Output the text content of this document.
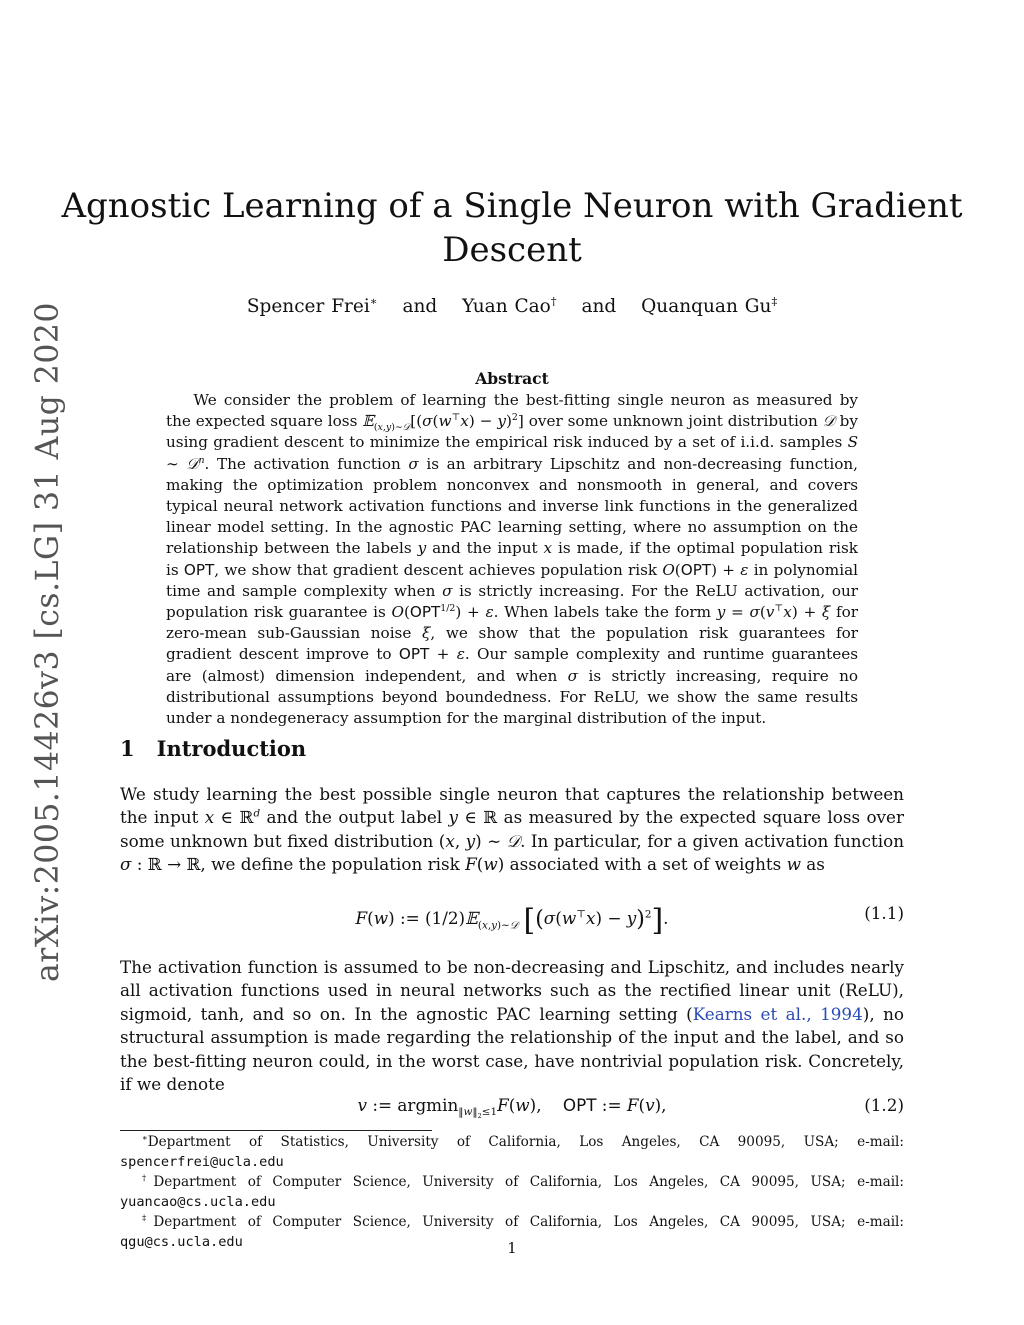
arXiv:2005.14426v3 [cs.LG] 31 Aug 2020
Agnostic Learning of a Single Neuron with Gradient
Descent
Spencer Frei∗ and Yuan Cao† and Quanquan Gu‡
Abstract

We consider the problem of learning the best-fitting single neuron as measured by the expected square loss 𝔼$_{(x,y)\sim 𝒟}$[(σ(w⊤x) − y)$^2$] over some unknown joint distribution 𝒟 by using gradient descent to minimize the empirical risk induced by a set of i.i.d. samples S ∼ 𝒟$^n$. The activation function σ is an arbitrary Lipschitz and non-decreasing function, making the optimization problem nonconvex and nonsmooth in general, and covers typical neural network activation functions and inverse link functions in the generalized linear model setting. In the agnostic PAC learning setting, where no assumption on the relationship between the labels y and the input x is made, if the optimal population risk is OPT, we show that gradient descent achieves population risk O(OPT) + ε in polynomial time and sample complexity when σ is strictly increasing. For the ReLU activation, our population risk guarantee is $O(OPT^{1/2}) + \varepsilon$. When labels take the form y = σ(v⊤x) + ξ for zero-mean sub-Gaussian noise ξ, we show that the population risk guarantees for gradient descent improve to OPT + ε. Our sample complexity and runtime guarantees are (almost) dimension independent, and when σ is strictly increasing, require no distributional assumptions beyond boundedness. For ReLU, we show the same results under a nondegeneracy assumption for the marginal distribution of the input.

1 Introduction

We study learning the best possible single neuron that captures the relationship between the input x ∈ ℝ$^d$ and the output label y ∈ ℝ as measured by the expected square loss over some unknown but fixed distribution (x, y) ∼ 𝒟. In particular, for a given activation function σ : ℝ → ℝ, we define the population risk F(w) associated with a set of weights w as

F(w) := (1/2)𝔼$_{(x,y)\sim 𝒟}$ $[(\sigma(w^⊤x) - y)^2]$.	(1.1)

The activation function is assumed to be non-decreasing and Lipschitz, and includes nearly all activation functions used in neural networks such as the rectified linear unit (ReLU), sigmoid, tanh, and so on. In the agnostic PAC learning setting (Kearns et al., 1994), no structural assumption is made regarding the relationship of the input and the label, and so the best-fitting neuron could, in the worst case, have nontrivial population risk. Concretely, if we denote

v := argmin$_{‖w‖_2\le 1}$F(w),    OPT := F(v),	(1.2)
∗Department of Statistics, University of California, Los Angeles, CA 90095, USA; e-mail: spencerfrei@ucla.edu
†Department of Computer Science, University of California, Los Angeles, CA 90095, USA; e-mail: yuancao@cs.ucla.edu
‡Department of Computer Science, University of California, Los Angeles, CA 90095, USA; e-mail: qgu@cs.ucla.edu	1
